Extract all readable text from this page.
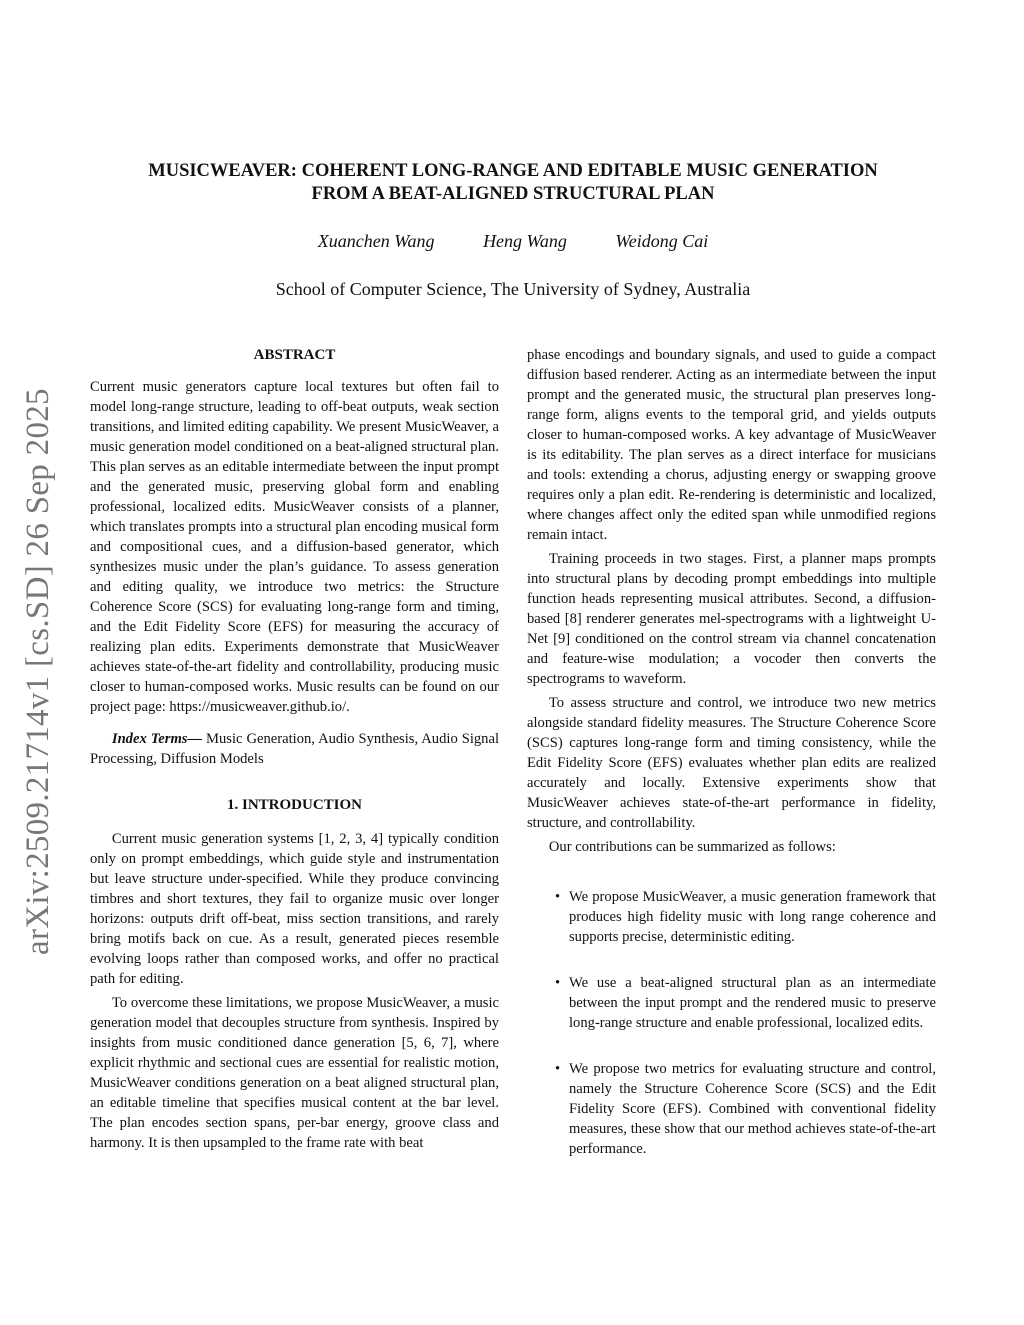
arXiv:2509.21714v1 [cs.SD] 26 Sep 2025
MUSICWEAVER: COHERENT LONG-RANGE AND EDITABLE MUSIC GENERATION
FROM A BEAT-ALIGNED STRUCTURAL PLAN
Xuanchen Wang	Heng Wang	Weidong Cai
School of Computer Science, The University of Sydney, Australia
ABSTRACT

Current music generators capture local textures but often fail to model long-range structure, leading to off-beat outputs, weak section transitions, and limited editing capability. We present MusicWeaver, a music generation model conditioned on a beat-aligned structural plan. This plan serves as an editable intermediate between the input prompt and the generated music, preserving global form and enabling professional, localized edits. MusicWeaver consists of a planner, which translates prompts into a structural plan encoding musical form and compositional cues, and a diffusion-based generator, which synthesizes music under the plan’s guidance. To assess generation and editing quality, we introduce two metrics: the Structure Coherence Score (SCS) for evaluating long-range form and timing, and the Edit Fidelity Score (EFS) for measuring the accuracy of realizing plan edits. Experiments demonstrate that MusicWeaver achieves state-of-the-art fidelity and controllability, producing music closer to human-composed works. Music results can be found on our project page: https://musicweaver.github.io/.

Index Terms— Music Generation, Audio Synthesis, Audio Signal Processing, Diffusion Models

1. INTRODUCTION

Current music generation systems [1, 2, 3, 4] typically condition only on prompt embeddings, which guide style and instrumentation but leave structure under-specified. While they produce convincing timbres and short textures, they fail to organize music over longer horizons: outputs drift off-beat, miss section transitions, and rarely bring motifs back on cue. As a result, generated pieces resemble evolving loops rather than composed works, and offer no practical path for editing.

To overcome these limitations, we propose MusicWeaver, a music generation model that decouples structure from synthesis. Inspired by insights from music conditioned dance generation [5, 6, 7], where explicit rhythmic and sectional cues are essential for realistic motion, MusicWeaver conditions generation on a beat aligned structural plan, an editable timeline that specifies musical content at the bar level. The plan encodes section spans, per-bar energy, groove class and harmony. It is then upsampled to the frame rate with beat

phase encodings and boundary signals, and used to guide a compact diffusion based renderer. Acting as an intermediate between the input prompt and the generated music, the structural plan preserves long-range form, aligns events to the temporal grid, and yields outputs closer to human-composed works. A key advantage of MusicWeaver is its editability. The plan serves as a direct interface for musicians and tools: extending a chorus, adjusting energy or swapping groove requires only a plan edit. Re-rendering is deterministic and localized, where changes affect only the edited span while unmodified regions remain intact.

Training proceeds in two stages. First, a planner maps prompts into structural plans by decoding prompt embeddings into multiple function heads representing musical attributes. Second, a diffusion-based [8] renderer generates mel-spectrograms with a lightweight U-Net [9] conditioned on the control stream via channel concatenation and feature-wise modulation; a vocoder then converts the spectrograms to waveform.

To assess structure and control, we introduce two new metrics alongside standard fidelity measures. The Structure Coherence Score (SCS) captures long-range form and timing consistency, while the Edit Fidelity Score (EFS) evaluates whether plan edits are realized accurately and locally. Extensive experiments show that MusicWeaver achieves state-of-the-art performance in fidelity, structure, and controllability.

Our contributions can be summarized as follows:

• We propose MusicWeaver, a music generation framework that produces high fidelity music with long range coherence and supports precise, deterministic editing.
• We use a beat-aligned structural plan as an intermediate between the input prompt and the rendered music to preserve long-range structure and enable professional, localized edits.
• We propose two metrics for evaluating structure and control, namely the Structure Coherence Score (SCS) and the Edit Fidelity Score (EFS). Combined with conventional fidelity measures, these show that our method achieves state-of-the-art performance.
